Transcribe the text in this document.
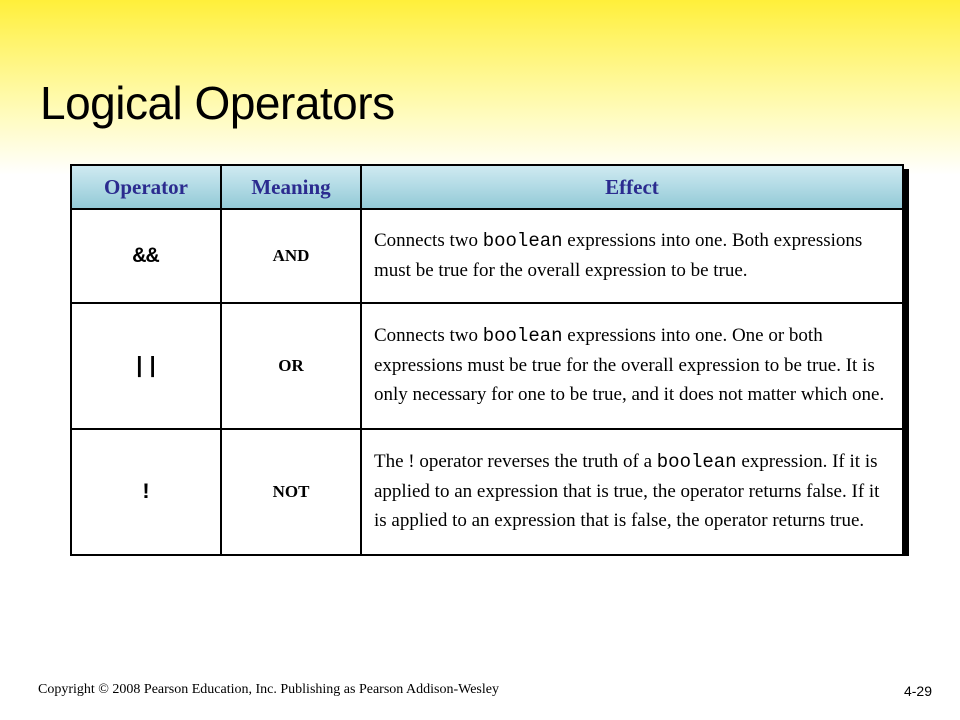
Logical Operators
Operator	Meaning	Effect
&&	AND	Connects two boolean expressions into one. Both expressions must be true for the overall expression to be true.
||	OR	Connects two boolean expressions into one. One or both expressions must be true for the overall expression to be true. It is only necessary for one to be true, and it does not matter which one.
!	NOT	The ! operator reverses the truth of a boolean expression. If it is applied to an expression that is true, the operator returns false. If it is applied to an expression that is false, the operator returns true.
Copyright © 2008 Pearson Education, Inc. Publishing as Pearson Addison-Wesley	4-29
